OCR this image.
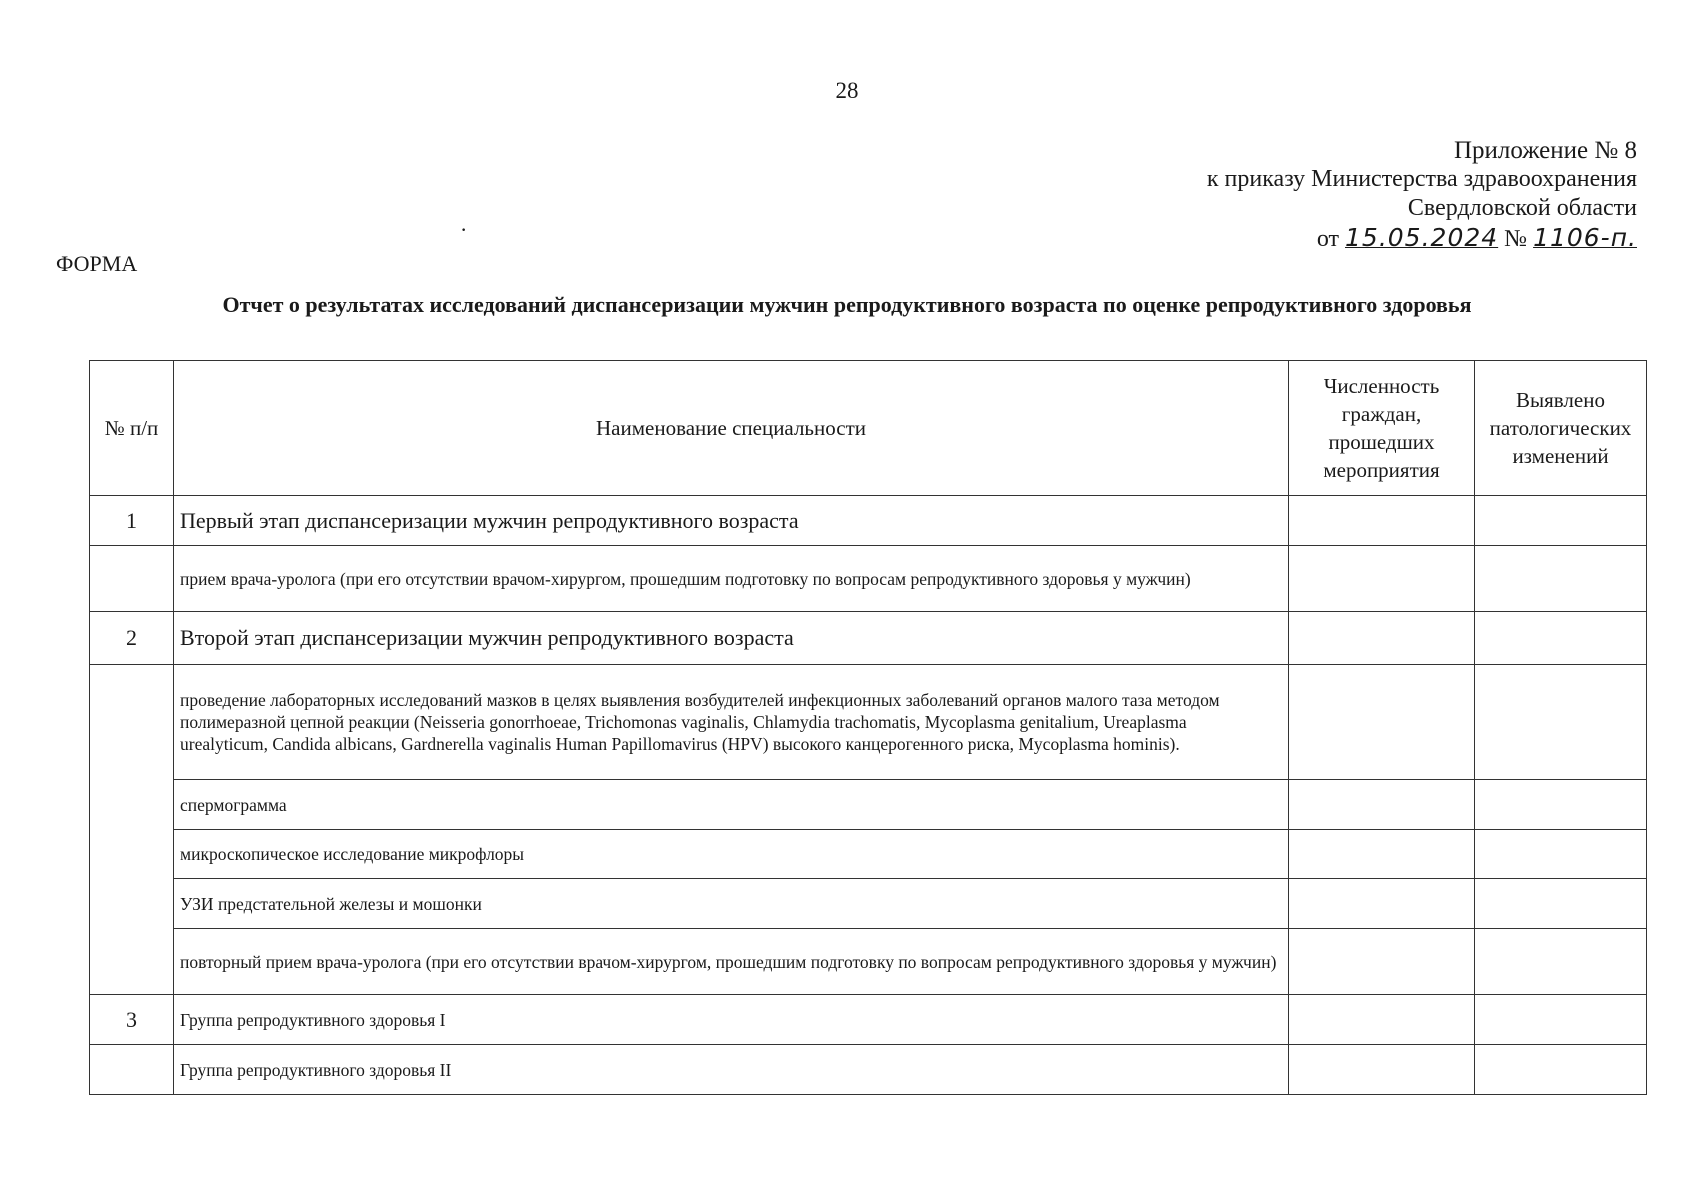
28
Приложение № 8
к приказу Министерства здравоохранения
Свердловской области
от 15.05.2024 № 1106-п.
·
ФОРМА
Отчет о результатах исследований диспансеризации мужчин репродуктивного возраста по оценке репродуктивного здоровья
№ п/п	Наименование специальности	Численность граждан, прошедших мероприятия	Выявлено патологических изменений
1	Первый этап диспансеризации мужчин репродуктивного возраста		
	прием врача-уролога (при его отсутствии врачом-хирургом, прошедшим подготовку по вопросам репродуктивного здоровья у мужчин)		
2	Второй этап диспансеризации мужчин репродуктивного возраста		
	проведение лабораторных исследований мазков в целях выявления возбудителей инфекционных заболеваний органов малого таза методом полимеразной цепной реакции (Neisseria gonorrhoeae, Trichomonas vaginalis, Chlamydia trachomatis, Mycoplasma genitalium, Ureaplasma urealyticum, Candida albicans, Gardnerella vaginalis Human Papillomavirus (HPV) высокого канцерогенного риска, Mycoplasma hominis).		
	спермограмма		
	микроскопическое исследование микрофлоры		
	УЗИ предстательной железы и мошонки		
	повторный прием врача-уролога (при его отсутствии врачом-хирургом, прошедшим подготовку по вопросам репродуктивного здоровья у мужчин)		
3	Группа репродуктивного здоровья I		
	Группа репродуктивного здоровья II		
